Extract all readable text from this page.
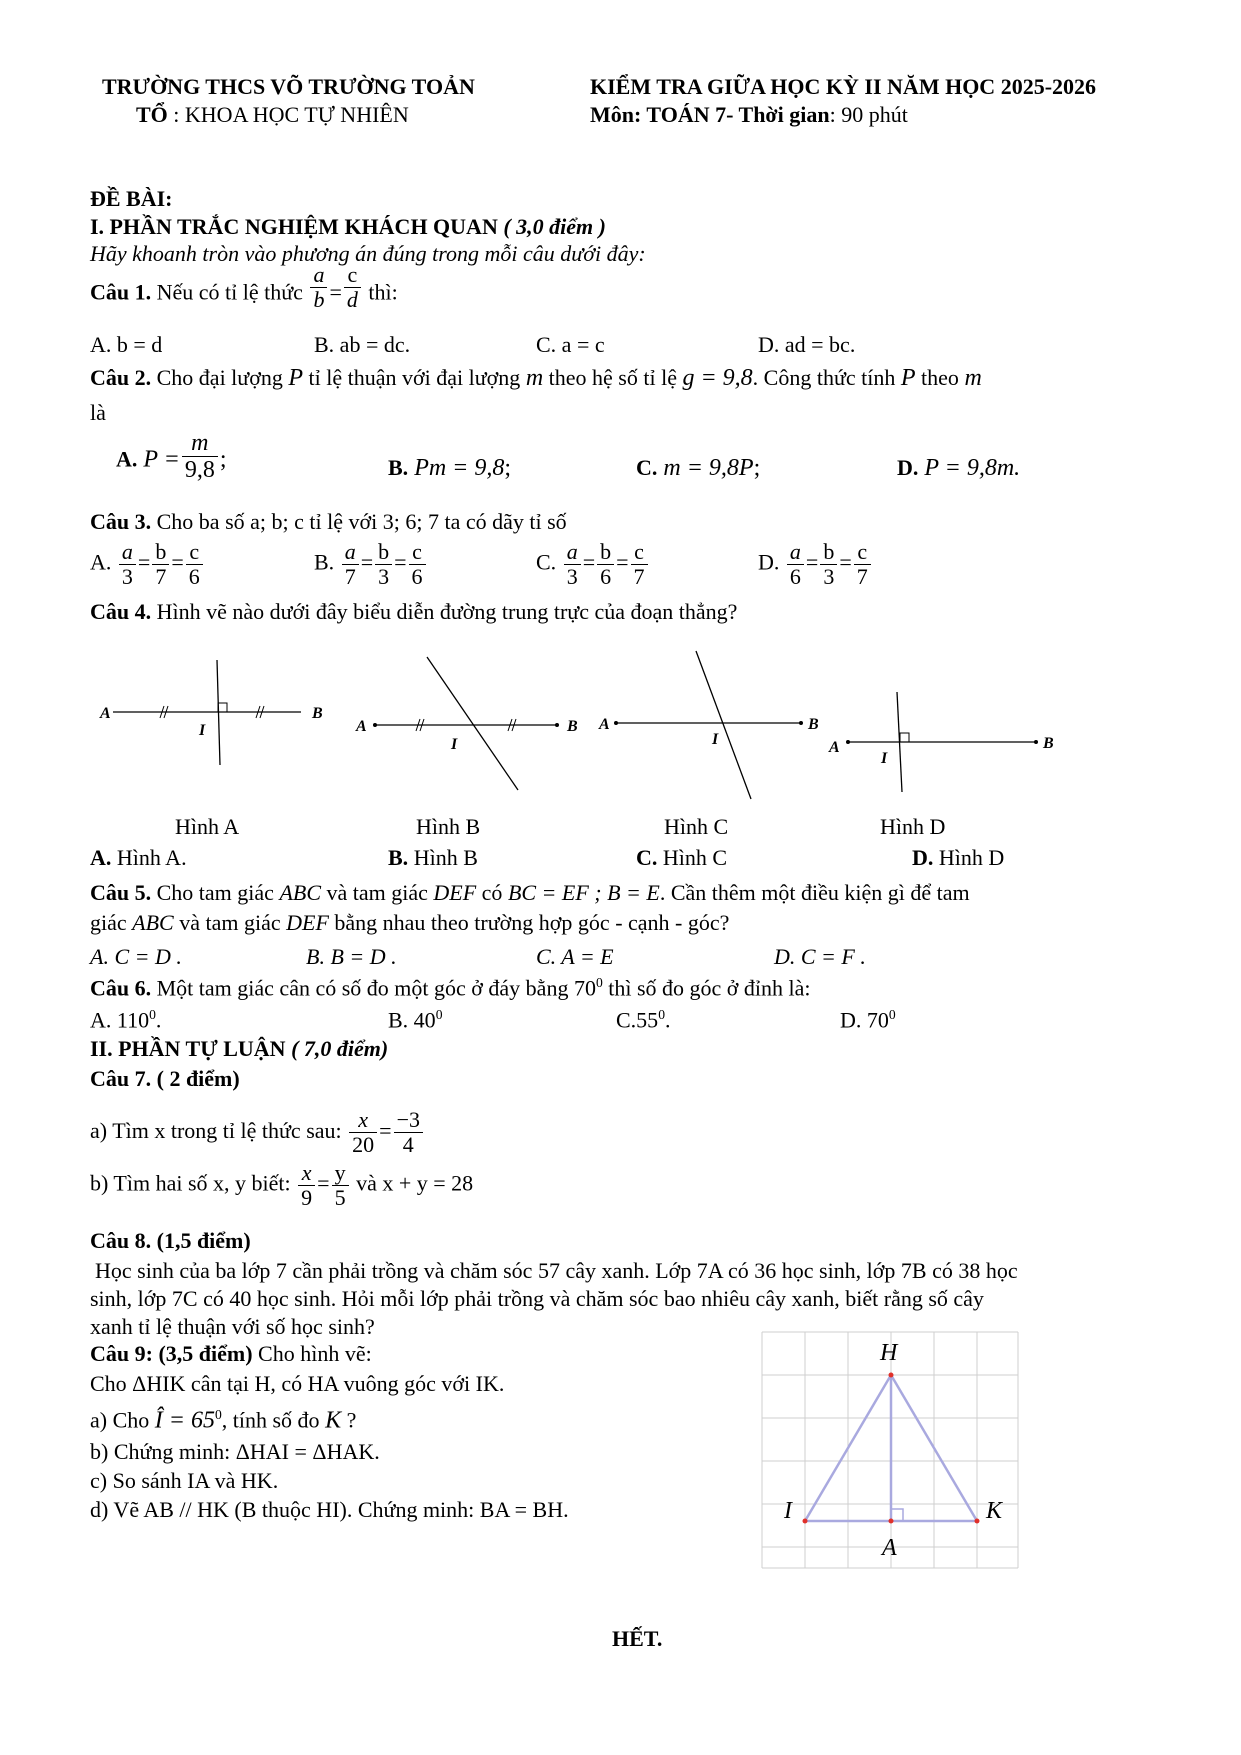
TRƯỜNG THCS VÕ TRƯỜNG TOẢN
TỔ : KHOA HỌC TỰ NHIÊN
KIỂM TRA GIỮA HỌC KỲ II NĂM HỌC 2025-2026
Môn: TOÁN 7- Thời gian: 90 phút
ĐỀ BÀI:
I. PHẦN TRẮC NGHIỆM KHÁCH QUAN ( 3,0 điểm )
Hãy khoanh tròn vào phương án đúng trong mỗi câu dưới đây:
Câu 1. Nếu có tỉ lệ thức $\frac{a}{b} = \frac{c}{d}$ thì:
A. b = d	B. ab = dc.	C. a = c	D. ad = bc.
Câu 2. Cho đại lượng P tỉ lệ thuận với đại lượng m theo hệ số tỉ lệ g = 9,8. Công thức tính P theo m
là
A. $P = \frac{m}{9,8}$ ;	B. Pm = 9,8;	C. m = 9,8P;	D. P = 9,8m.
Câu 3. Cho ba số a; b; c tỉ lệ với 3; 6; 7 ta có dãy tỉ số
A. $\frac{a}{3} = \frac{b}{7} = \frac{c}{6}$	B. $\frac{a}{7} = \frac{b}{3} = \frac{c}{6}$	C. $\frac{a}{3} = \frac{b}{6} = \frac{c}{7}$	D. $\frac{a}{6} = \frac{b}{3} = \frac{c}{7}$
Câu 4. Hình vẽ nào dưới đây biểu diễn đường trung trực của đoạn thẳng?
A	B
I	A	B
I
A	B
I	A	B
I
Hình A	Hình B	Hình C	Hình D
A. Hình A.	B. Hình B	C. Hình C	D. Hình D
Câu 5. Cho tam giác ABC và tam giác DEF có BC = EF ; B = E. Cần thêm một điều kiện gì để tam
giác ABC và tam giác DEF bằng nhau theo trường hợp góc - cạnh - góc?
A. C = D .	B. B = D .	C. A = E	D. C = F .
Câu 6. Một tam giác cân có số đo một góc ở đáy bằng $70^0$ thì số đo góc ở đỉnh là:
A. $110^0$.	B. $40^0$	$C.55^0$.	D. $70^0$
II. PHẦN TỰ LUẬN ( 7,0 điểm)
Câu 7. ( 2 điểm)
a) Tìm x trong tỉ lệ thức sau: $\frac{x}{20} = \frac{-3}{4}$
b) Tìm hai số x, y biết: $\frac{x}{9} = \frac{y}{5}$ và x + y = 28
Câu 8. (1,5 điểm)
Học sinh của ba lớp 7 cần phải trồng và chăm sóc 57 cây xanh. Lớp 7A có 36 học sinh, lớp 7B có 38 học
sinh, lớp 7C có 40 học sinh. Hỏi mỗi lớp phải trồng và chăm sóc bao nhiêu cây xanh, biết rằng số cây
xanh tỉ lệ thuận với số học sinh?
Câu 9: (3,5 điểm) Cho hình vẽ:
Cho ΔHIK cân tại H, có HA vuông góc với IK.
a) Cho Î = $65^0$, tính số đo K ?
b) Chứng minh: ΔHAI = ΔHAK.
c) So sánh IA và HK.
d) Vẽ AB // HK (B thuộc HI). Chứng minh: BA = BH.
H
I	K
A
HẾT.
